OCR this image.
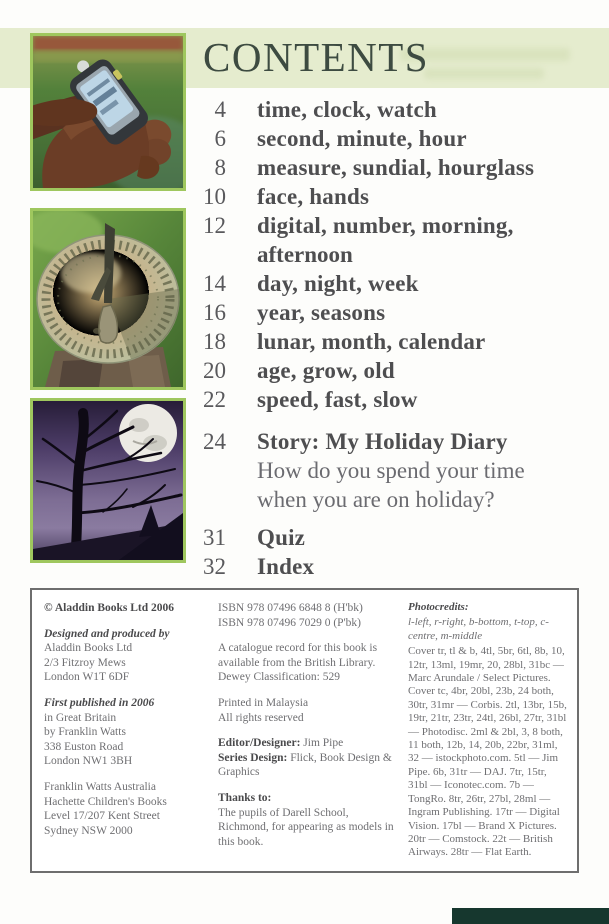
CONTENTS
4 time, clock, watch
6 second, minute, hour
8 measure, sundial, hourglass
10 face, hands
12 digital, number, morning,
afternoon
14 day, night, week
16 year, seasons
18 lunar, month, calendar
20 age, grow, old
22 speed, fast, slow
24 Story: My Holiday Diary
How do you spend your time
when you are on holiday?
31 Quiz
32 Index

© Aladdin Books Ltd 2006

Designed and produced by

Aladdin Books Ltd

2/3 Fitzroy Mews

London W1T 6DF

First published in 2006

in Great Britain

by Franklin Watts

338 Euston Road

London NW1 3BH

Franklin Watts Australia

Hachette Children's Books

Level 17/207 Kent Street

Sydney NSW 2000

ISBN 978 07496 6848 8 (H'bk)

ISBN 978 07496 7029 0 (P'bk)

A catalogue record for this book is available from the British Library.

Dewey Classification: 529

Printed in Malaysia

All rights reserved

Editor/Designer: Jim Pipe

Series Design: Flick, Book Design & Graphics

Thanks to:

The pupils of Darell School, Richmond, for appearing as models in this book.

Photocredits:

l-left, r-right, b-bottom, t-top, c-centre, m-middle

Cover tr, tl & b, 4tl, 5br, 6tl, 8b, 10, 12tr, 13ml, 19mr, 20, 28bl, 31bc — Marc Arundale / Select Pictures. Cover tc, 4br, 20bl, 23b, 24 both, 30tr, 31mr — Corbis. 2tl, 13br, 15b, 19tr, 21tr, 23tr, 24tl, 26bl, 27tr, 31bl — Photodisc. 2ml & 2bl, 3, 8 both, 11 both, 12b, 14, 20b, 22br, 31ml, 32 — istockphoto.com. 5tl — Jim Pipe. 6b, 31tr — DAJ. 7tr, 15tr, 31bl — Iconotec.com. 7b — TongRo. 8tr, 26tr, 27bl, 28ml — Ingram Publishing. 17tr — Digital Vision. 17bl — Brand X Pictures. 20tr — Comstock. 22t — British Airways. 28tr — Flat Earth.
